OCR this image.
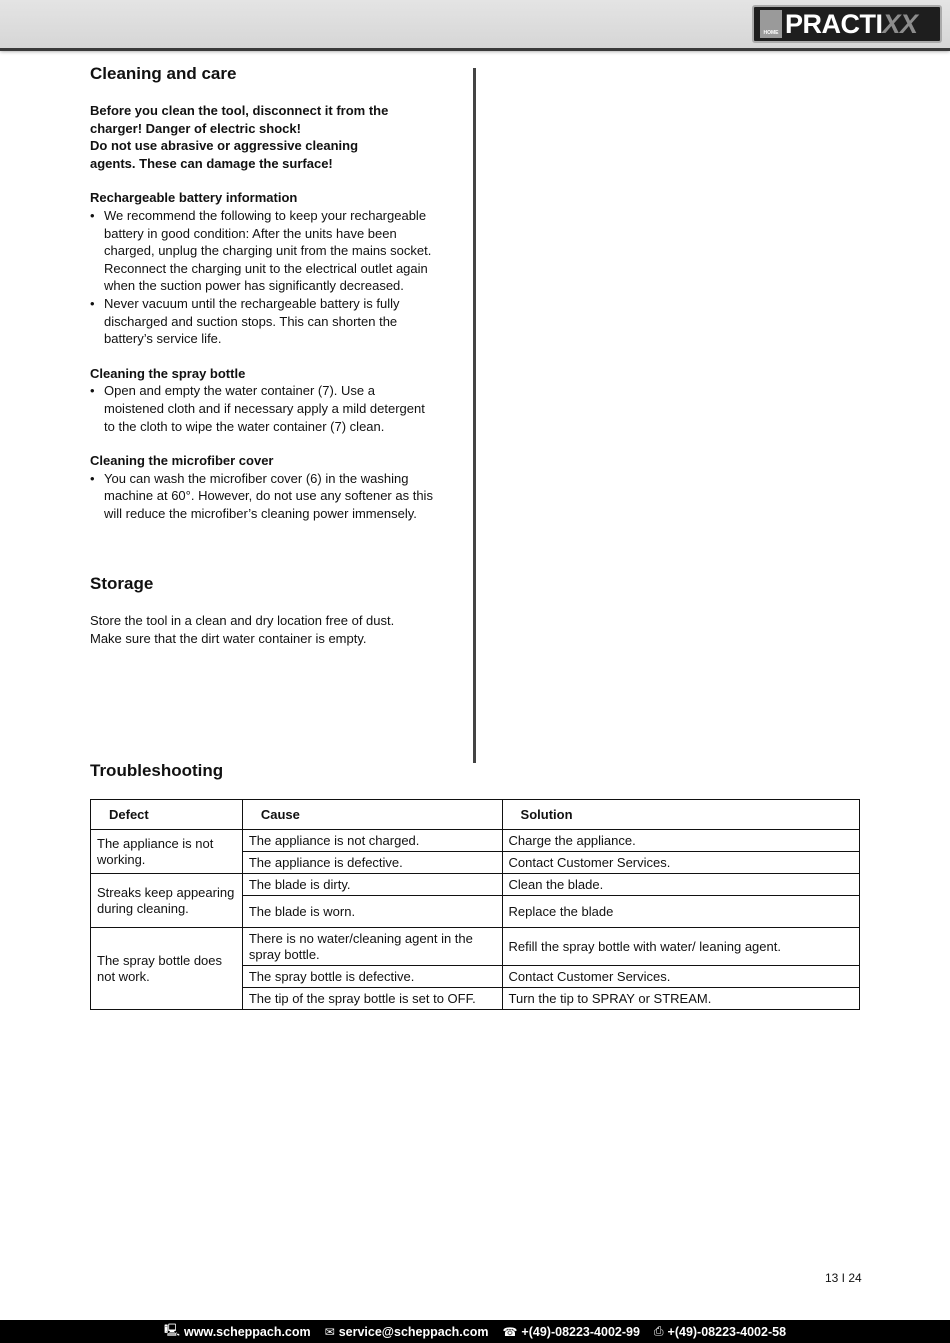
HOME PRACTIXX
Cleaning and care

Before you clean the tool, disconnect it from the

charger! Danger of electric shock!

Do not use abrasive or aggressive cleaning

agents. These can damage the surface!

Rechargeable battery information

• We recommend the following to keep your rechargeable battery in good condition: After the units have been charged, unplug the charging unit from the mains socket. Reconnect the charging unit to the electrical outlet again when the suction power has significantly decreased.
• Never vacuum until the rechargeable battery is fully discharged and suction stops. This can shorten the battery’s service life.

Cleaning the spray bottle

• Open and empty the water container (7). Use a moistened cloth and if necessary apply a mild detergent to the cloth to wipe the water container (7) clean.

Cleaning the microfiber cover

• You can wash the microfiber cover (6) in the washing machine at 60°. However, do not use any softener as this will reduce the microfiber’s cleaning power immensely.
Storage

Store the tool in a clean and dry location free of dust.

Make sure that the dirt water container is empty.

Troubleshooting
Defect	Cause	Solution
The appliance is not working.	The appliance is not charged.	Charge the appliance.
	The appliance is defective.	Contact Customer Services.
Streaks keep appearing during cleaning.	The blade is dirty.	Clean the blade.
	The blade is worn.	Replace the blade
The spray bottle does not work.	There is no water/cleaning agent in the spray bottle.	Refill the spray bottle with water/ leaning agent.
	The spray bottle is defective.	Contact Customer Services.
	The tip of the spray bottle is set to OFF.	Turn the tip to SPRAY or STREAM.
13 I 24
🖳 www.scheppach.com ✉ service@scheppach.com ☎ +(49)-08223-4002-99 ⎙ +(49)-08223-4002-58
